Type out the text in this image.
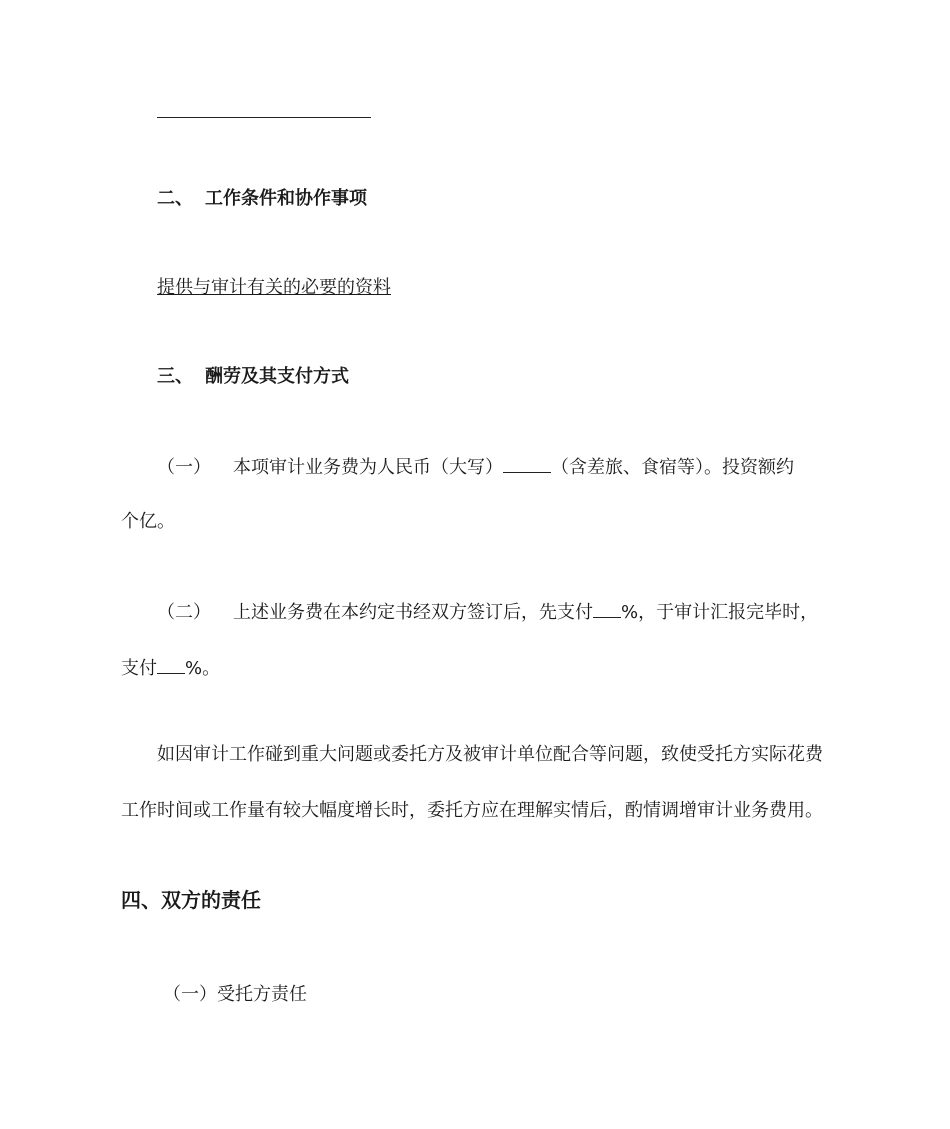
二、 工作条件和协作事项
提供与审计有关的必要的资料
三、 酬劳及其支付方式
（一） 本项审计业务费为人民币（大写）	（含差旅、食宿等）。投资额约
个亿。
（二） 上述业务费在本约定书经双方签订后，先支付 %，于审计汇报完毕时，
支付 %。
如因审计工作碰到重大问题或委托方及被审计单位配合等问题，致使受托方实际花费
工作时间或工作量有较大幅度增长时，委托方应在理解实情后，酌情调增审计业务费用。
四、双方的责任
（一）受托方责任
